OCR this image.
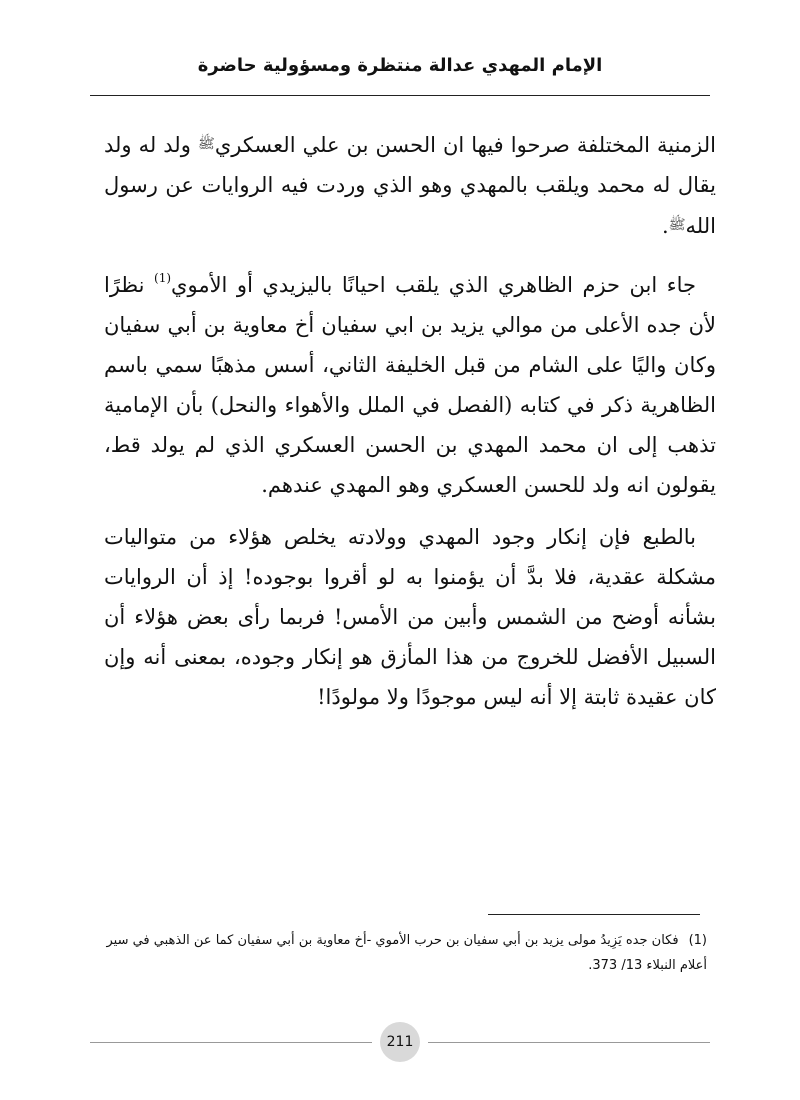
الإمام المهدي عدالة منتظرة ومسؤولية حاضرة

الزمنية المختلفة صرحوا فيها ان الحسن بن علي العسكريﷺ ولد له ولد يقال له محمد ويلقب بالمهدي وهو الذي وردت فيه الروايات عن رسول اللهﷺ.

جاء ابن حزم الظاهري الذي يلقب احيانًا باليزيدي أو الأموي$^{(1)}$ نظرًا لأن جده الأعلى من موالي يزيد بن ابي سفيان أخ معاوية بن أبي سفيان وكان واليًا على الشام من قبل الخليفة الثاني، أسس مذهبًا سمي باسم الظاهرية ذكر في كتابه (الفصل في الملل والأهواء والنحل) بأن الإمامية تذهب إلى ان محمد المهدي بن الحسن العسكري الذي لم يولد قط، يقولون انه ولد للحسن العسكري وهو المهدي عندهم.

بالطبع فإن إنكار وجود المهدي وولادته يخلص هؤلاء من متواليات مشكلة عقدية، فلا بدَّ أن يؤمنوا به لو أقروا بوجوده! إذ أن الروايات بشأنه أوضح من الشمس وأبين من الأمس! فربما رأى بعض هؤلاء أن السبيل الأفضل للخروج من هذا المأزق هو إنكار وجوده، بمعنى أنه وإن كان عقيدة ثابتة إلا أنه ليس موجودًا ولا مولودًا!

(1)فكان جده يَزِيدُ مولى يزيد بن أبي سفيان بن حرب الأموي -أخ معاوية بن أبي سفيان كما عن الذهبي في سير أعلام النبلاء 13/ 373.
211
